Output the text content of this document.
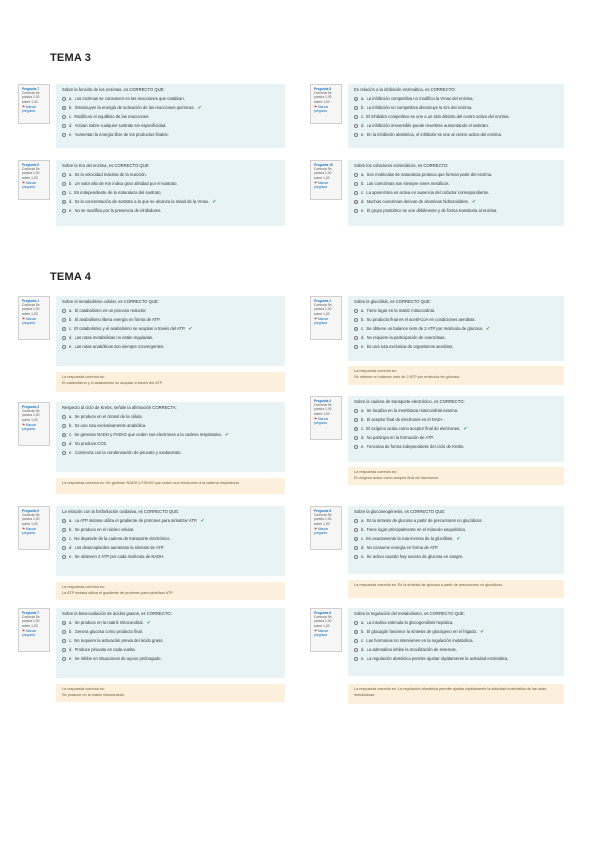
TEMA 3
Pregunta 7
Correcta Se puntúa 1,00 sobre 1,00
⚑ Marcar pregunta
Sobre la función de los enzimas, es CORRECTO QUE:
a. Los enzimas se consumen en las reacciones que catalizan.
b. Disminuyen la energía de activación de las reacciones químicas. ✔
c. Modifican el equilibrio de las reacciones.
d. Actúan sobre cualquier sustrato sin especificidad.
e. Aumentan la energía libre de los productos finales.
Pregunta 8
Correcta Se puntúa 1,00 sobre 1,00
⚑ Marcar pregunta
En relación a la inhibición enzimática, es CORRECTO:
a. La inhibición competitiva no modifica la Vmax del enzima.
b. La inhibición no competitiva disminuye la Km del enzima.
c. El inhibidor competitivo se une a un sitio distinto del centro activo del enzima.
d. La inhibición irreversible puede revertirse aumentando el sustrato.
e. En la inhibición alostérica, el inhibidor se une al centro activo del enzima.
Pregunta 9
Correcta Se puntúa 1,00 sobre 1,00
⚑ Marcar pregunta
Sobre la Km del enzima, es CORRECTO QUE:
a. Es la velocidad máxima de la reacción.
b. Un valor alto de Km indica gran afinidad por el sustrato.
c. Es independiente de la naturaleza del sustrato.
d. Es la concentración de sustrato a la que se alcanza la mitad de la Vmax. ✔
e. No se modifica por la presencia de inhibidores.
Pregunta 10
Correcta Se puntúa 1,00 sobre 1,00
⚑ Marcar pregunta
Sobre los cofactores enzimáticos, es CORRECTO:
a. Son moléculas de naturaleza proteica que forman parte del enzima.
b. Las coenzimas son siempre iones metálicos.
c. La apoenzima es activa en ausencia del cofactor correspondiente.
d. Muchas coenzimas derivan de vitaminas hidrosolubles. ✔
e. El grupo prostético se une débilmente y de forma transitoria al enzima.
TEMA 4
Pregunta 1
Correcta Se puntúa 1,00 sobre 1,00
⚑ Marcar pregunta
Sobre el metabolismo celular, es CORRECTO QUE:
a. El catabolismo es un proceso reductor.
b. El anabolismo libera energía en forma de ATP.
c. El catabolismo y el anabolismo se acoplan a través del ATP. ✔
d. Las rutas metabólicas no están reguladas.
e. Las rutas anabólicas son siempre convergentes.
La respuesta correcta es:
El catabolismo y el anabolismo se acoplan a través del ATP.
Pregunta 2
Correcta Se puntúa 1,00 sobre 1,00
⚑ Marcar pregunta
Sobre la glucólisis, es CORRECTO QUE:
a. Tiene lugar en la matriz mitocondrial.
b. Su producto final es el acetil-CoA en condiciones aerobias.
c. Se obtiene un balance neto de 2 ATP por molécula de glucosa. ✔
d. No requiere la participación de coenzimas.
e. Es una ruta exclusiva de organismos aerobios.
La respuesta correcta es:
Se obtiene un balance neto de 2 ATP por molécula de glucosa.
Pregunta 3
Correcta Se puntúa 1,00 sobre 1,00
⚑ Marcar pregunta
Respecto al ciclo de Krebs, señale la afirmación CORRECTA:
a. Se produce en el citosol de la célula.
b. Es una ruta exclusivamente anabólica.
c. Se generan NADH y FADH2 que ceden sus electrones a la cadena respiratoria. ✔
d. No produce CO2.
e. Comienza con la condensación de piruvato y oxalacetato.
La respuesta correcta es: Se generan NADH y FADH2 que ceden sus electrones a la cadena respiratoria.
Pregunta 4
Correcta Se puntúa 1,00 sobre 1,00
⚑ Marcar pregunta
Sobre la cadena de transporte electrónico, es CORRECTO:
a. Se localiza en la membrana mitocondrial externa.
b. El aceptor final de electrones es el NAD+.
c. El oxígeno actúa como aceptor final de electrones. ✔
d. No participa en la formación de ATP.
e. Funciona de forma independiente del ciclo de Krebs.
La respuesta correcta es:
El oxígeno actúa como aceptor final de electrones.
Pregunta 5
Correcta Se puntúa 1,00 sobre 1,00
⚑ Marcar pregunta
La relación con la fosforilación oxidativa, es CORRECTO QUE:
a. La ATP sintasa utiliza el gradiente de protones para sintetizar ATP. ✔
b. Se produce en el núcleo celular.
c. No depende de la cadena de transporte electrónico.
d. Los desacoplantes aumentan la síntesis de ATP.
e. Se obtienen 2 ATP por cada molécula de NADH.
La respuesta correcta es:
La ATP sintasa utiliza el gradiente de protones para sintetizar ATP.
Pregunta 6
Correcta Se puntúa 1,00 sobre 1,00
⚑ Marcar pregunta
Sobre la gluconeogénesis, es CORRECTO QUE:
a. Es la síntesis de glucosa a partir de precursores no glucídicos.
b. Tiene lugar principalmente en el músculo esquelético.
c. Es exactamente la ruta inversa de la glucólisis. ✔
d. No consume energía en forma de ATP.
e. Se activa cuando hay exceso de glucosa en sangre.
La respuesta correcta es: Es la síntesis de glucosa a partir de precursores no glucídicos.
Pregunta 7
Correcta Se puntúa 1,00 sobre 1,00
⚑ Marcar pregunta
Sobre la beta-oxidación de ácidos grasos, es CORRECTO:
a. Se produce en la matriz mitocondrial. ✔
b. Genera glucosa como producto final.
c. No requiere la activación previa del ácido graso.
d. Produce piruvato en cada vuelta.
e. Se inhibe en situaciones de ayuno prolongado.
La respuesta correcta es:
Se produce en la matriz mitocondrial.
Pregunta 8
Correcta Se puntúa 1,00 sobre 1,00
⚑ Marcar pregunta
Sobre la regulación del metabolismo, es CORRECTO QUE:
a. La insulina estimula la glucogenólisis hepática.
b. El glucagón favorece la síntesis de glucógeno en el hígado. ✔
c. Las hormonas no intervienen en la regulación metabólica.
d. La adrenalina inhibe la movilización de reservas.
e. La regulación alostérica permite ajustar rápidamente la actividad enzimática.
La respuesta correcta es: La regulación alostérica permite ajustar rápidamente la actividad enzimática de las rutas metabólicas.
